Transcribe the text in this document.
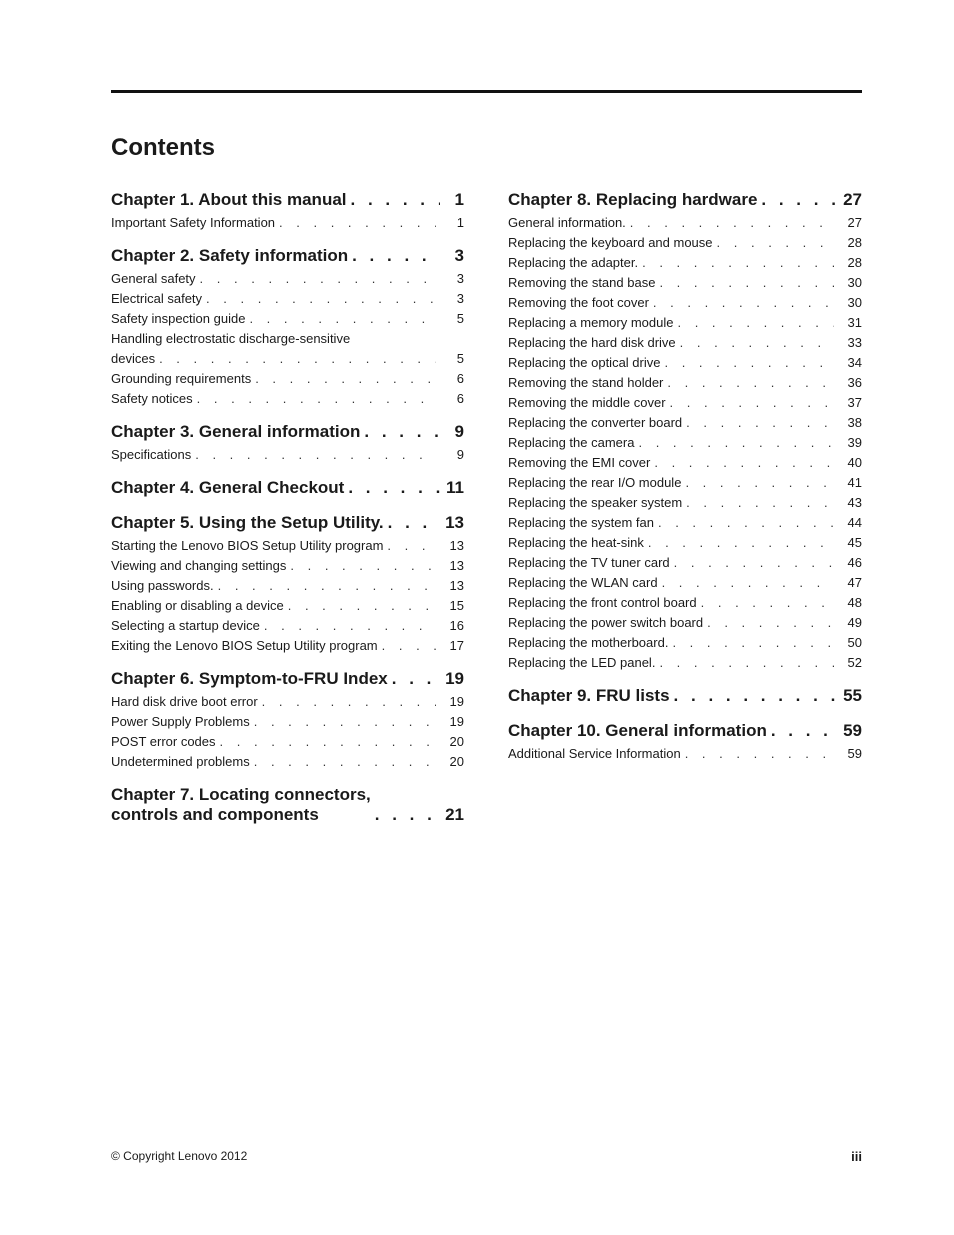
Contents
Chapter 1. About this manual . . .	1
Important Safety Information . . .	1
Chapter 2. Safety information . . .	3
General safety . . .	3
Electrical safety . . .	3
Safety inspection guide . . .	5
Handling electrostatic discharge-sensitive
devices . . .	5
Grounding requirements . . .	6
Safety notices . . .	6
Chapter 3. General information . . .	9
Specifications . . .	9
Chapter 4. General Checkout . . .	11
Chapter 5. Using the Setup Utility. . . .	13
Starting the Lenovo BIOS Setup Utility program . . .	13
Viewing and changing settings . . .	13
Using passwords. . . .	13
Enabling or disabling a device . . .	15
Selecting a startup device . . .	16
Exiting the Lenovo BIOS Setup Utility program . . .	17
Chapter 6. Symptom-to-FRU Index . . .	19
Hard disk drive boot error . . .	19
Power Supply Problems . . .	19
POST error codes . . .	20
Undetermined problems . . .	20
Chapter 7. Locating connectors,
controls and components . . .	21
Chapter 8. Replacing hardware . . .	27
General information. . . .	27
Replacing the keyboard and mouse . . .	28
Replacing the adapter. . . .	28
Removing the stand base . . .	30
Removing the foot cover . . .	30
Replacing a memory module . . .	31
Replacing the hard disk drive . . .	33
Replacing the optical drive . . .	34
Removing the stand holder . . .	36
Removing the middle cover . . .	37
Replacing the converter board . . .	38
Replacing the camera . . .	39
Removing the EMI cover . . .	40
Replacing the rear I/O module . . .	41
Replacing the speaker system . . .	43
Replacing the system fan . . .	44
Replacing the heat-sink . . .	45
Replacing the TV tuner card . . .	46
Replacing the WLAN card . . .	47
Replacing the front control board . . .	48
Replacing the power switch board . . .	49
Replacing the motherboard. . . .	50
Replacing the LED panel. . . .	52
Chapter 9. FRU lists . . .	55
Chapter 10. General information . . .	59
Additional Service Information . . .	59
© Copyright Lenovo 2012	iii
